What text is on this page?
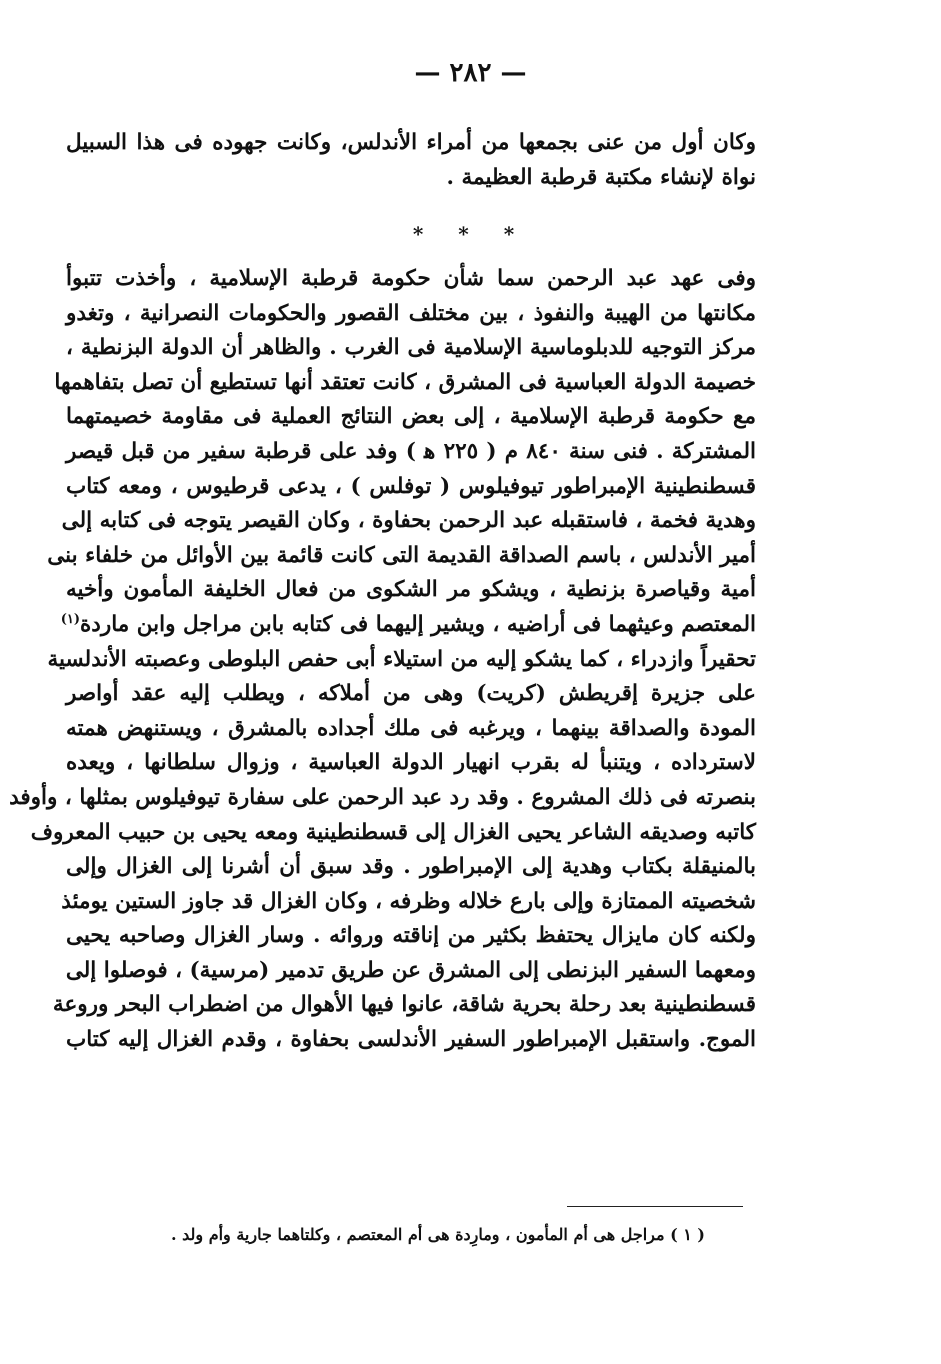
— ٢٨٢ —
وكان أول من عنى بجمعها من أمراء الأندلس، وكانت جهوده فى هذا السبيل
نواة لإنشاء مكتبة قرطبة العظيمة .
* * *
وفى عهد عبد الرحمن سما شأن حكومة قرطبة الإسلامية ، وأخذت تتبوأ
مكانتها من الهيبة والنفوذ ، بين مختلف القصور والحكومات النصرانية ، وتغدو
مركز التوجيه للدبلوماسية الإسلامية فى الغرب . والظاهر أن الدولة البزنطية ،
خصيمة الدولة العباسية فى المشرق ، كانت تعتقد أنها تستطيع أن تصل بتفاهمها
مع حكومة قرطبة الإسلامية ، إلى بعض النتائج العملية فى مقاومة خصيمتهما
المشتركة . فنى سنة ٨٤٠ م ( ٢٢٥ ﻫ ) وفد على قرطبة سفير من قبل قيصر
قسطنطينية الإمبراطور تيوفيلوس ( توفلس ) ، يدعى قرطيوس ، ومعه كتاب
وهدية فخمة ، فاستقبله عبد الرحمن بحفاوة ، وكان القيصر يتوجه فى كتابه إلى
أمير الأندلس ، باسم الصداقة القديمة التى كانت قائمة بين الأوائل من خلفاء بنى
أمية وقياصرة بزنطية ، ويشكو مر الشكوى من فعال الخليفة المأمون وأخيه
المعتصم وعيثهما فى أراضيه ، ويشير إليهما فى كتابه بابن مراجل وابن ماردة$^{(١)}$
تحقيراً وازدراء ، كما يشكو إليه من استيلاء أبى حفص البلوطى وعصبته الأندلسية
على جزيرة إقريطش (كريت) وهى من أملاكه ، ويطلب إليه عقد أواصر
المودة والصداقة بينهما ، ويرغبه فى ملك أجداده بالمشرق ، ويستنهض همته
لاسترداده ، ويتنبأ له بقرب انهيار الدولة العباسية ، وزوال سلطانها ، ويعده
بنصرته فى ذلك المشروع . وقد رد عبد الرحمن على سفارة تيوفيلوس بمثلها ، وأوفد
كاتبه وصديقه الشاعر يحيى الغزال إلى قسطنطينية ومعه يحيى بن حبيب المعروف
بالمنيقلة بكتاب وهدية إلى الإمبراطور . وقد سبق أن أشرنا إلى الغزال وإلى
شخصيته الممتازة وإلى بارع خلاله وظرفه ، وكان الغزال قد جاوز الستين يومئذ
ولكنه كان مايزال يحتفظ بكثير من إناقته وروائه . وسار الغزال وصاحبه يحيى
ومعهما السفير البزنطى إلى المشرق عن طريق تدمير (مرسية) ، فوصلوا إلى
قسطنطينية بعد رحلة بحرية شاقة، عانوا فيها الأهوال من اضطراب البحر وروعة
الموج. واستقبل الإمبراطور السفير الأندلسى بحفاوة ، وقدم الغزال إليه كتاب
( ١ ) مراجل هى أم المأمون ، ومارِدة هى أم المعتصم ، وكلتاهما جارية وأم ولد .
